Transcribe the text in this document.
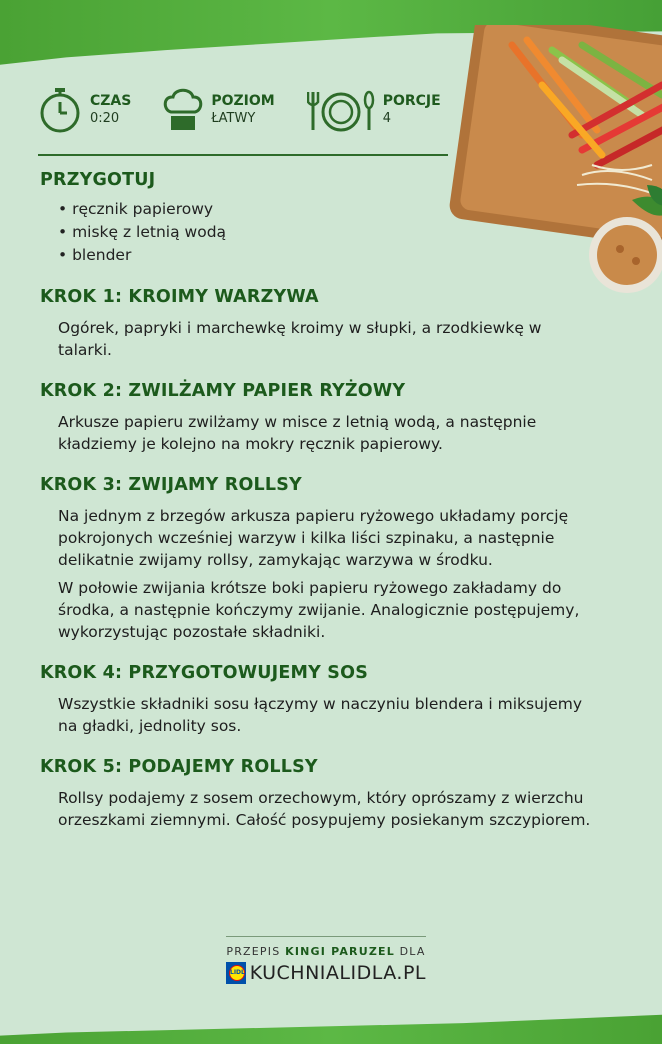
CZAS
0:20
POZIOM
ŁATWY
PORCJE
4
PRZYGOTUJ
• ręcznik papierowy
• miskę z letnią wodą
• blender
KROK 1: KROIMY WARZYWA

Ogórek, papryki i marchewkę kroimy w słupki, a rzodkiewkę w talarki.

KROK 2: ZWILŻAMY PAPIER RYŻOWY

Arkusze papieru zwilżamy w misce z letnią wodą, a następnie kładziemy je kolejno na mokry ręcznik papierowy.

KROK 3: ZWIJAMY ROLLSY

Na jednym z brzegów arkusza papieru ryżowego układamy porcję pokrojonych wcześniej warzyw i kilka liści szpinaku, a następnie delikatnie zwijamy rollsy, zamykając warzywa w środku.

W połowie zwijania krótsze boki papieru ryżowego zakładamy do środka, a następnie kończymy zwijanie. Analogicznie postępujemy, wykorzystując pozostałe składniki.

KROK 4: PRZYGOTOWUJEMY SOS

Wszystkie składniki sosu łączymy w naczyniu blendera i miksujemy na gładki, jednolity sos.

KROK 5: PODAJEMY ROLLSY

Rollsy podajemy z sosem orzechowym, który oprószamy z wierzchu orzeszkami ziemnymi. Całość posypujemy posiekanym szczypiorem.

PRZEPIS KINGI PARUZEL DLA
LIDL KUCHNIALIDLA.PL
